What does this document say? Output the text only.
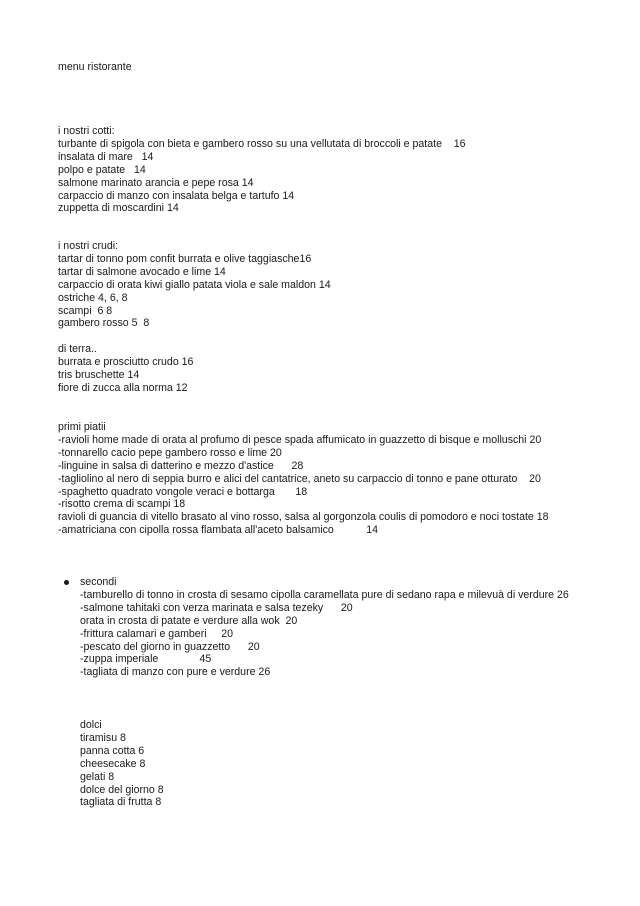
menu ristorante
i nostri cotti:
turbante di spigola con bieta e gambero rosso su una vellutata di broccoli e patate    16
insalata di mare   14
polpo e patate   14
salmone marinato arancia e pepe rosa 14
carpaccio di manzo con insalata belga e tartufo 14
zuppetta di moscardini 14
i nostri crudi:
tartar di tonno pom confit burrata e olive taggiasche16
tartar di salmone avocado e lime 14
carpaccio di orata kiwi giallo patata viola e sale maldon 14
ostriche 4, 6, 8
scampi  6 8
gambero rosso 5  8
di terra..
burrata e prosciutto crudo 16
tris bruschette 14
fiore di zucca alla norma 12
primi piatii
-ravioli home made di orata al profumo di pesce spada affumicato in guazzetto di bisque e molluschi 20
-tonnarello cacio pepe gambero rosso e lime 20
-linguine in salsa di datterino e mezzo d'astice      28
-tagliolino al nero di seppia burro e alici del cantatrice, aneto su carpaccio di tonno e pane otturato    20
-spaghetto quadrato vongole veraci e bottarga       18
-risotto crema di scampi 18
ravioli di guancia di vitello brasato al vino rosso, salsa al gorgonzola coulis di pomodoro e noci tostate 18
-amatriciana con cipolla rossa flambata all'aceto balsamico           14
secondi
-tamburello di tonno in crosta di sesamo cipolla caramellata pure di sedano rapa e milevuà di verdure 26
-salmone tahitaki con verza marinata e salsa tezeky      20
orata in crosta di patate e verdure alla wok  20
-frittura calamari e gamberi     20
-pescato del giorno in guazzetto      20
-zuppa imperiale              45
-tagliata di manzo con pure e verdure 26
dolci
tiramisu 8
panna cotta 6
cheesecake 8
gelati 8
dolce del giorno 8
tagliata di frutta 8
